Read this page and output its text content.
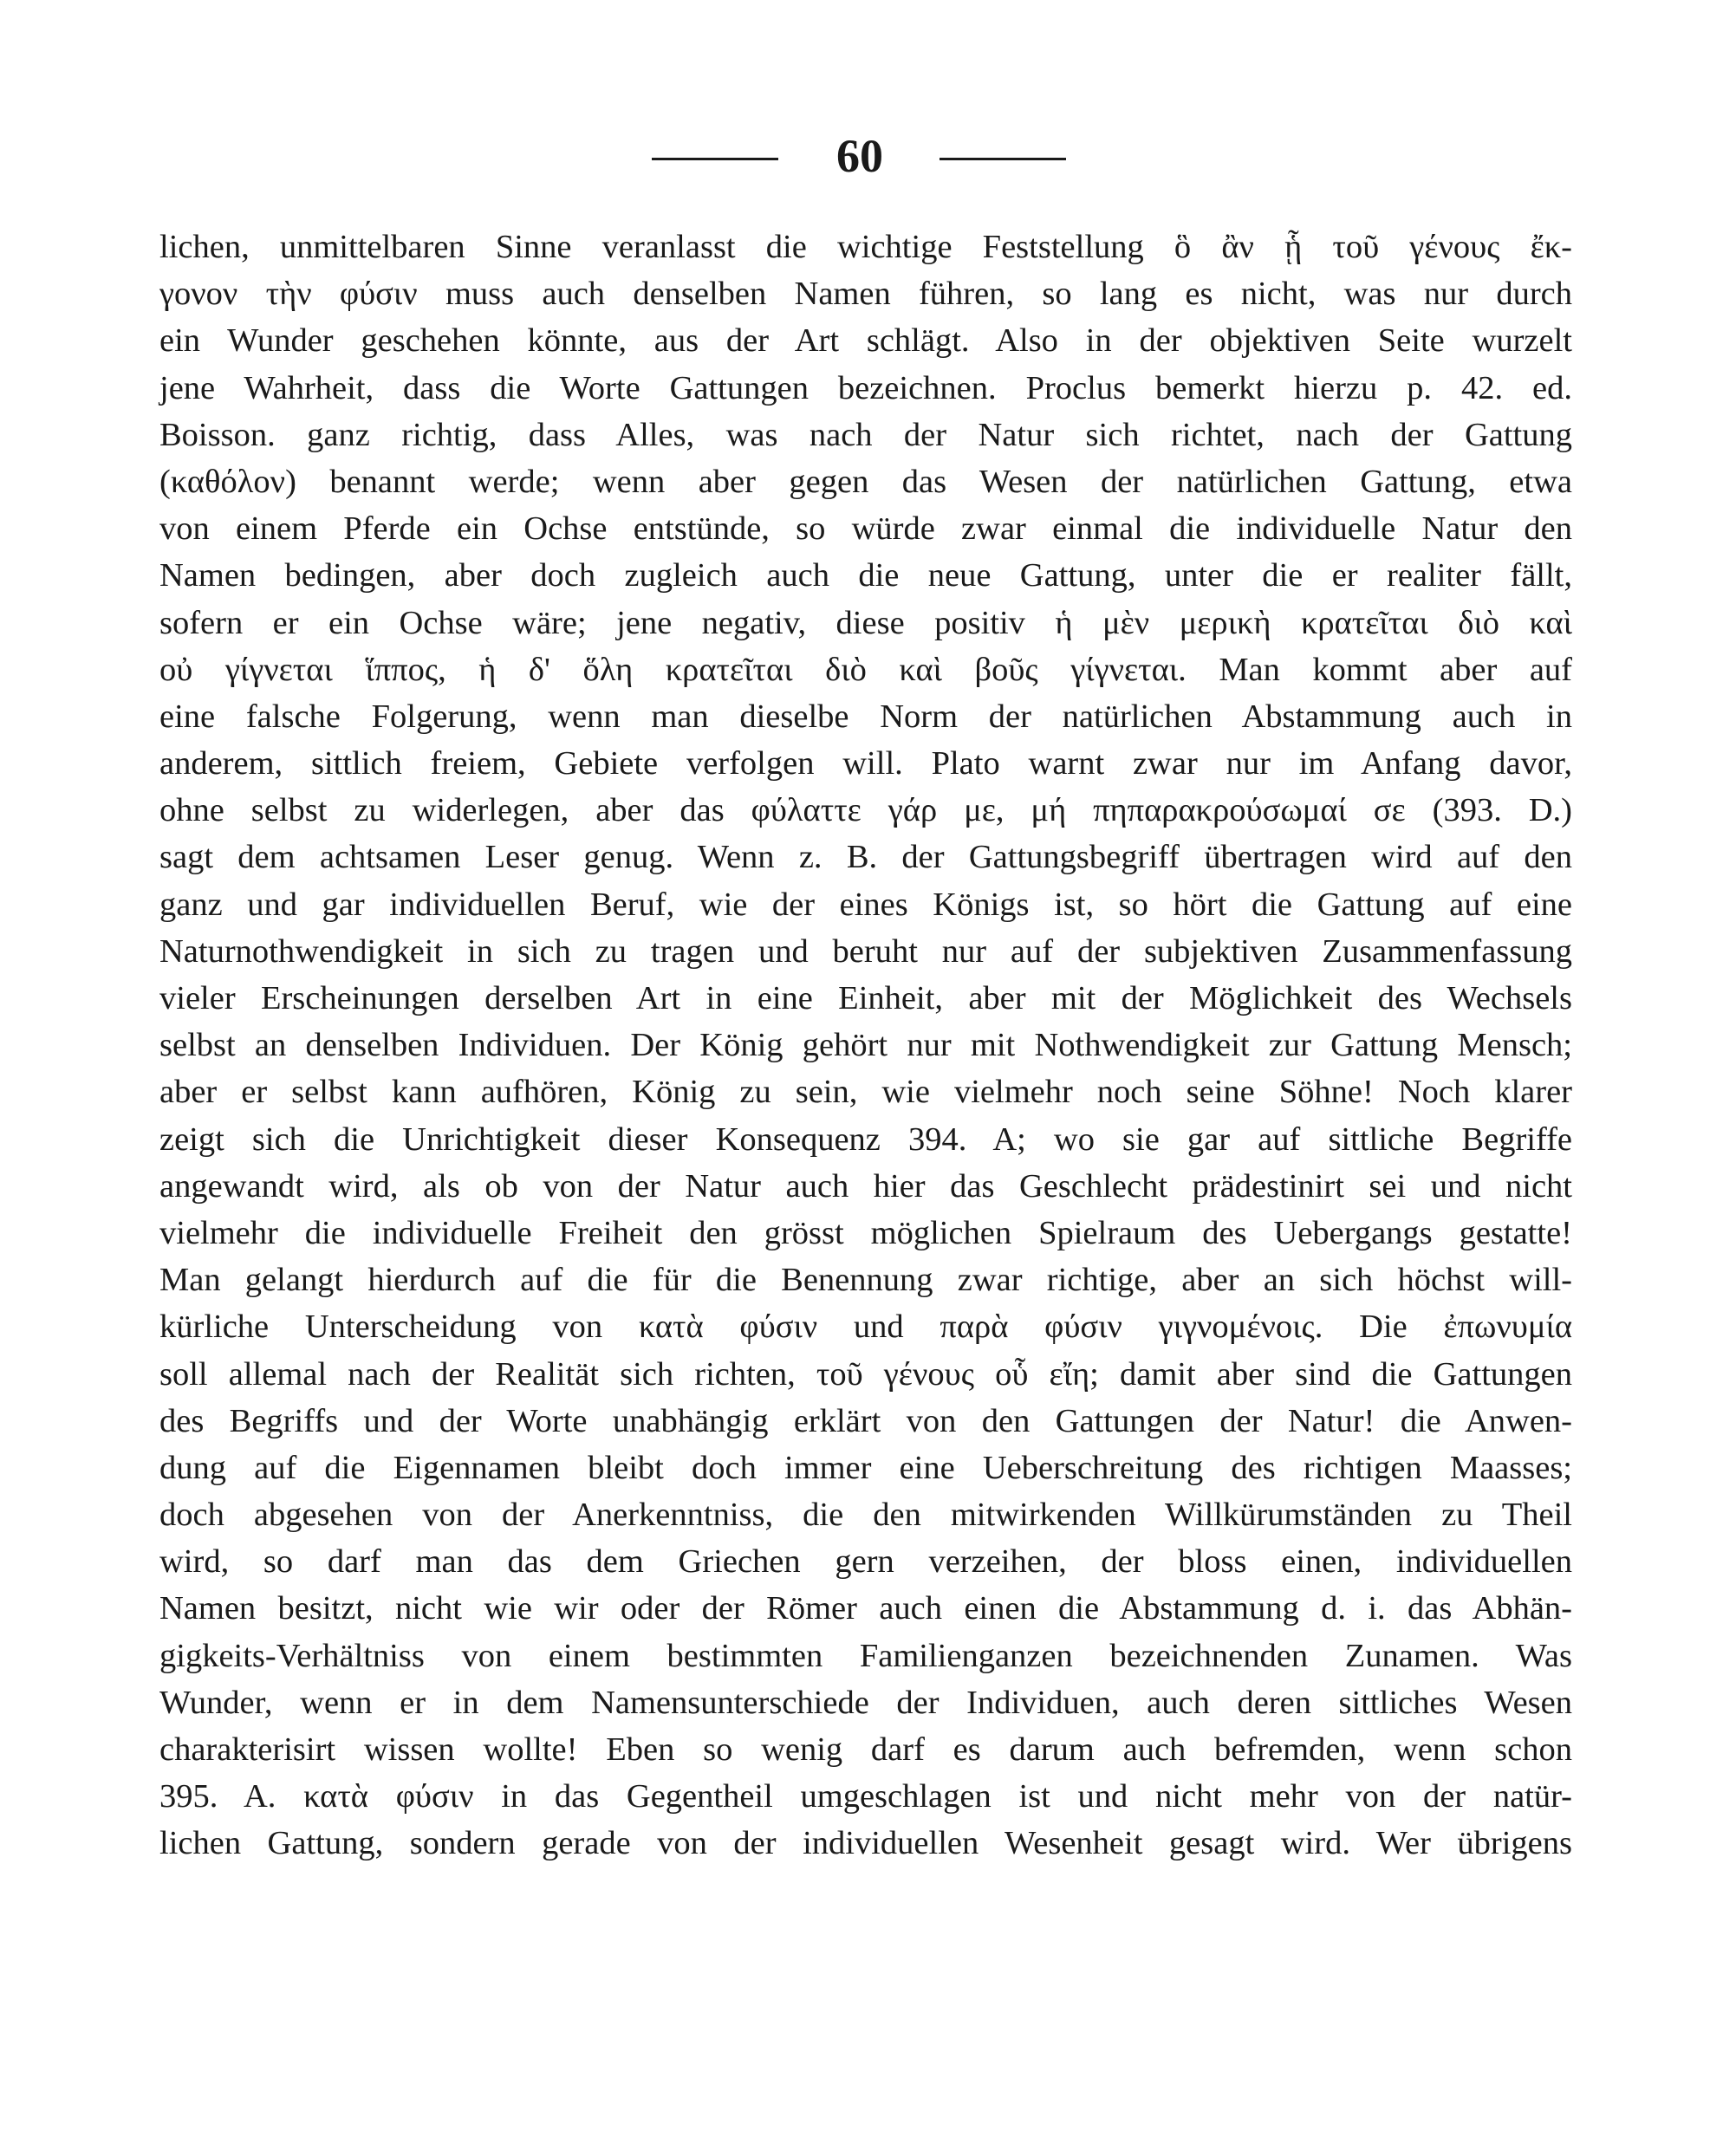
60
lichen, unmittelbaren Sinne veranlasst die wichtige Feststellung ὃ ἂν ᾗ τοῦ γένους ἔκ-
γονον τὴν φύσιν muss auch denselben Namen führen, so lang es nicht, was nur durch
ein Wunder geschehen könnte, aus der Art schlägt. Also in der objektiven Seite wurzelt
jene Wahrheit, dass die Worte Gattungen bezeichnen. Proclus bemerkt hierzu p. 42. ed.
Boisson. ganz richtig, dass Alles, was nach der Natur sich richtet, nach der Gattung
(καθόλον) benannt werde; wenn aber gegen das Wesen der natürlichen Gattung, etwa
von einem Pferde ein Ochse entstünde, so würde zwar einmal die individuelle Natur den
Namen bedingen, aber doch zugleich auch die neue Gattung, unter die er realiter fällt,
sofern er ein Ochse wäre; jene negativ, diese positiv ἡ μὲν μερικὴ κρατεῖται διὸ καὶ
οὐ γίγνεται ἵππος, ἡ δ' ὅλη κρατεῖται διὸ καὶ βοῦς γίγνεται. Man kommt aber auf
eine falsche Folgerung, wenn man dieselbe Norm der natürlichen Abstammung auch in
anderem, sittlich freiem, Gebiete verfolgen will. Plato warnt zwar nur im Anfang davor,
ohne selbst zu widerlegen, aber das φύλαττε γάρ με, μή πηπαρακρούσωμαί σε (393. D.)
sagt dem achtsamen Leser genug. Wenn z. B. der Gattungsbegriff übertragen wird auf den
ganz und gar individuellen Beruf, wie der eines Königs ist, so hört die Gattung auf eine
Naturnothwendigkeit in sich zu tragen und beruht nur auf der subjektiven Zusammenfassung
vieler Erscheinungen derselben Art in eine Einheit, aber mit der Möglichkeit des Wechsels
selbst an denselben Individuen. Der König gehört nur mit Nothwendigkeit zur Gattung Mensch;
aber er selbst kann aufhören, König zu sein, wie vielmehr noch seine Söhne! Noch klarer
zeigt sich die Unrichtigkeit dieser Konsequenz 394. A; wo sie gar auf sittliche Begriffe
angewandt wird, als ob von der Natur auch hier das Geschlecht prädestinirt sei und nicht
vielmehr die individuelle Freiheit den grösst möglichen Spielraum des Uebergangs gestatte!
Man gelangt hierdurch auf die für die Benennung zwar richtige, aber an sich höchst will-
kürliche Unterscheidung von κατὰ φύσιν und παρὰ φύσιν γιγνομένοις. Die ἐπωνυμία
soll allemal nach der Realität sich richten, τοῦ γένους οὗ εἴη; damit aber sind die Gattungen
des Begriffs und der Worte unabhängig erklärt von den Gattungen der Natur! die Anwen-
dung auf die Eigennamen bleibt doch immer eine Ueberschreitung des richtigen Maasses;
doch abgesehen von der Anerkenntniss, die den mitwirkenden Willkürumständen zu Theil
wird, so darf man das dem Griechen gern verzeihen, der bloss einen, individuellen
Namen besitzt, nicht wie wir oder der Römer auch einen die Abstammung d. i. das Abhän-
gigkeits-Verhältniss von einem bestimmten Familienganzen bezeichnenden Zunamen. Was
Wunder, wenn er in dem Namensunterschiede der Individuen, auch deren sittliches Wesen
charakterisirt wissen wollte! Eben so wenig darf es darum auch befremden, wenn schon
395. A. κατὰ φύσιν in das Gegentheil umgeschlagen ist und nicht mehr von der natür-
lichen Gattung, sondern gerade von der individuellen Wesenheit gesagt wird. Wer übrigens
